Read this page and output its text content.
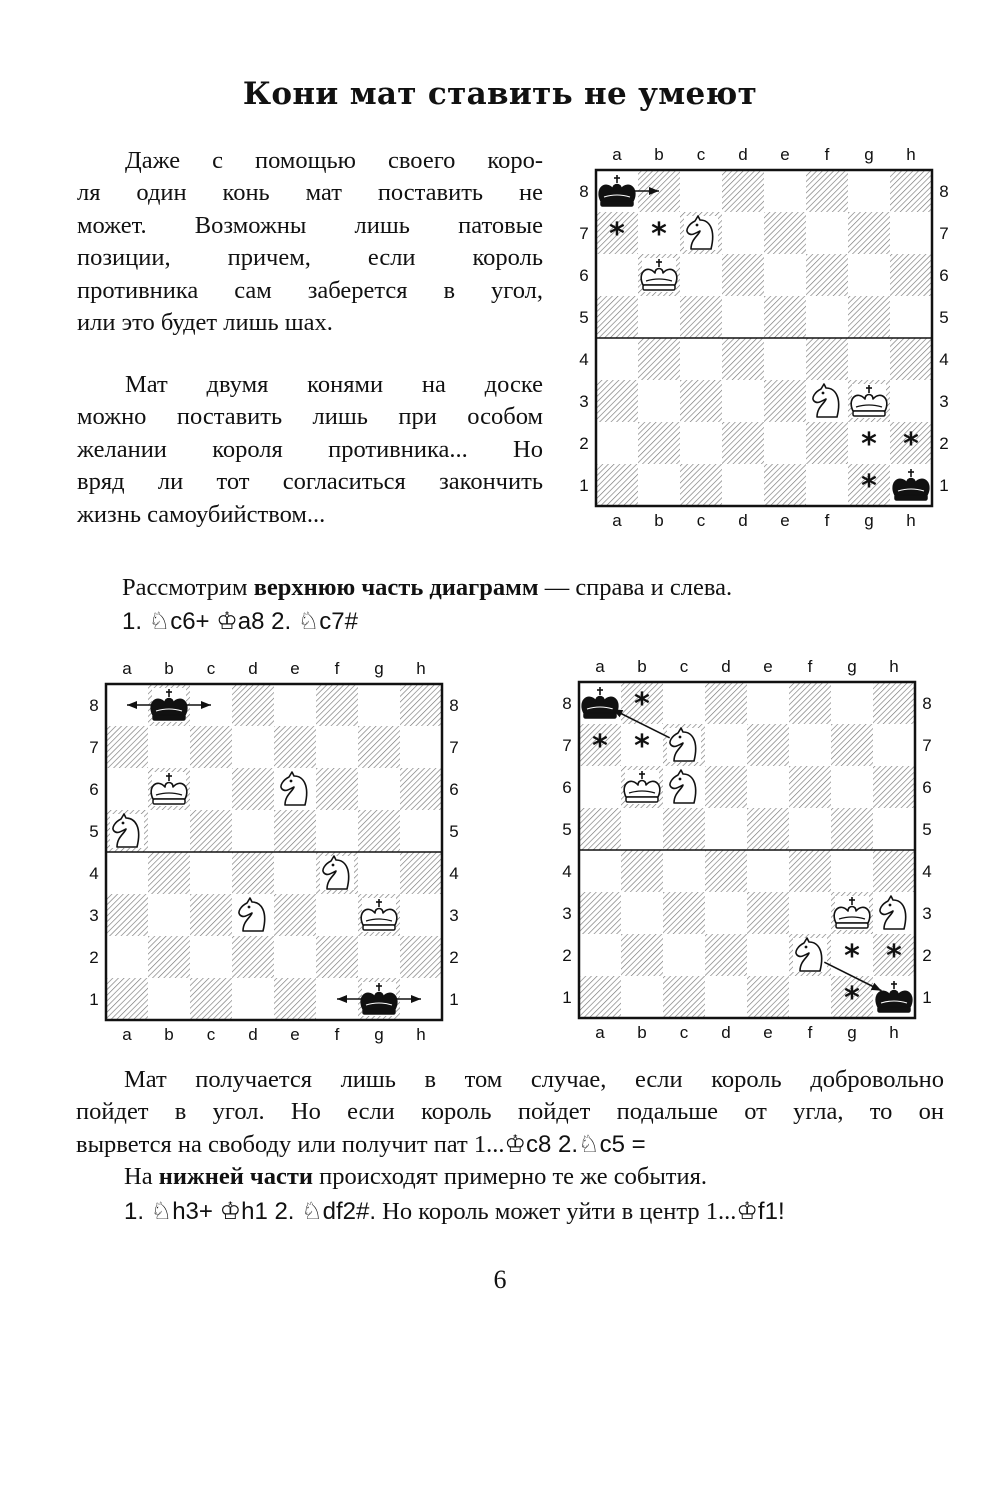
Кони мат ставить не умеют
Даже с помощью своего коро-
ля один конь мат поставить не
может. Возможны лишь патовые
позиции, причем, если король
противника сам заберется в угол,
или это будет лишь шах.
Мат двумя конями на доске
можно поставить лишь при особом
желании короля противника... Но
вряд ли тот согласиться закончить
жизнь самоубийством...
Рассмотрим верхнюю часть диаграмм — справа и слева.
1. ♘c6+ ♔a8 2. ♘c7#
a
a
b
b
c
c
d
d
e
e
f
f
g
g
h
h
8	8
7	7
6	6
5	5
4	4
3	3
2	2
1	1
* *
* *
*
a
a
b
b
c
c
d
d
e
e
f
f
g
g
h
h
8	8
7	7
6	6
5	5
4	4
3	3
2	2
1	1
a
a
b
b
c
c
d
d
e
e
f
f
g
g
h
h
8	8
7	7
6	6
5	5
4	4
3	3
2	2
1	1
*
* *
* *
*
Мат получается лишь в том случае, если король добровольно
пойдет в угол. Но если король пойдет подальше от угла, то он
вырвется на свободу или получит пат 1...♔c8 2.♘c5 =
На нижней части происходят примерно те же события.
1. ♘h3+ ♔h1 2. ♘df2#. Но король может уйти в центр 1...♔f1!
6
